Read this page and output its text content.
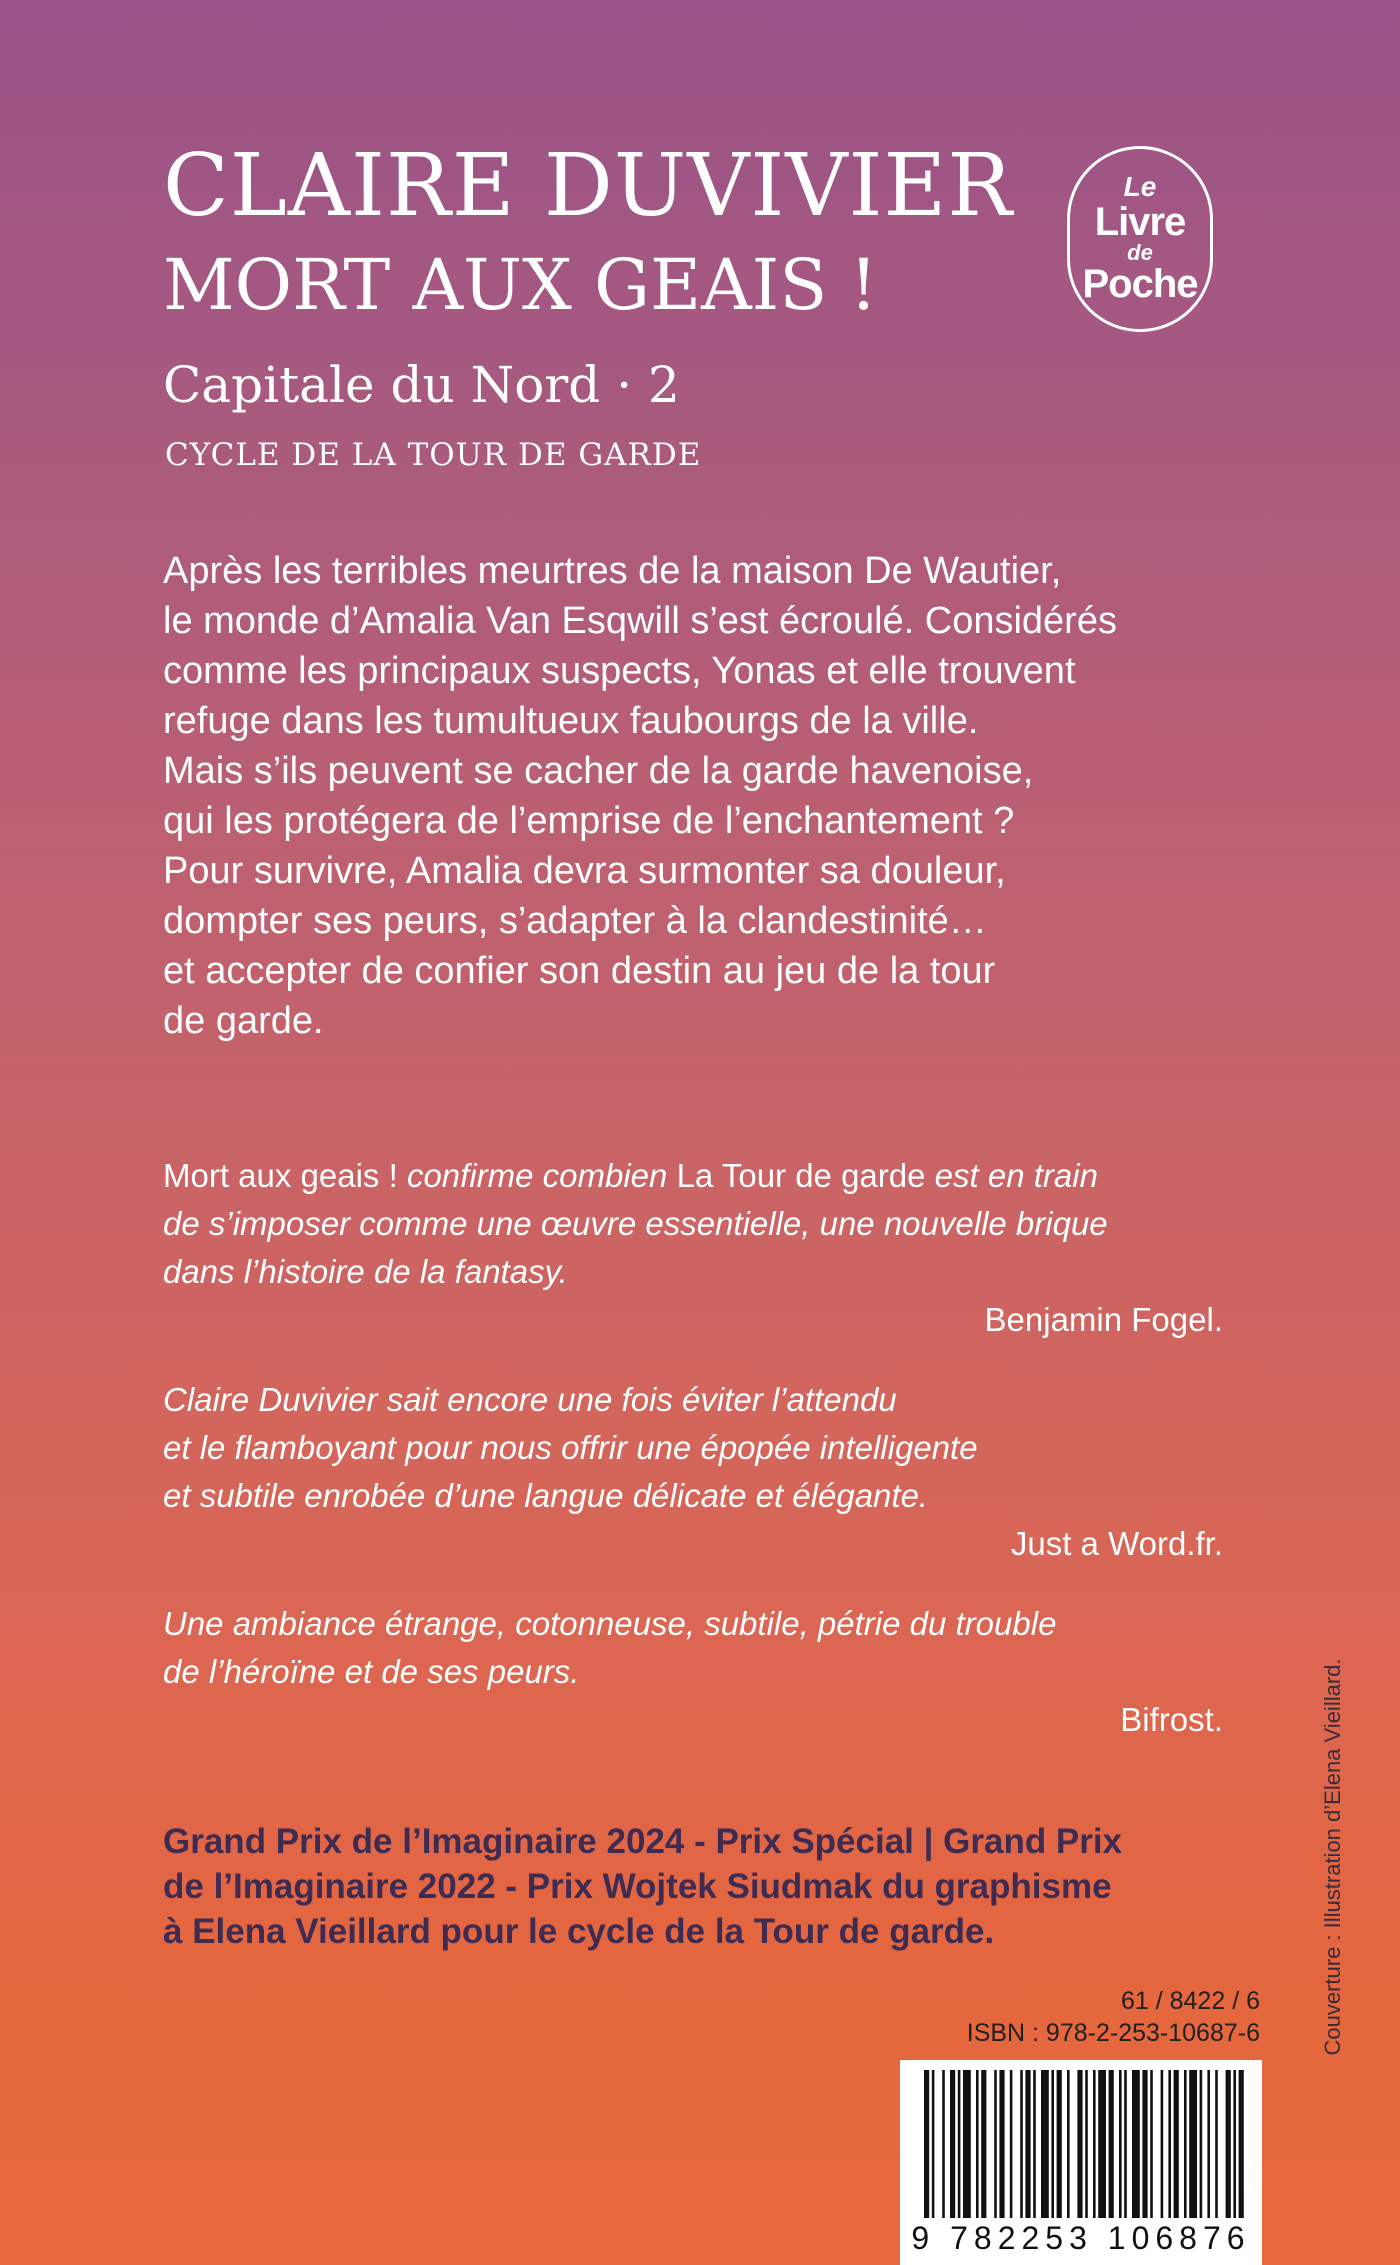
CLAIRE DUVIVIER
MORT AUX GEAIS !
Capitale du Nord · 2
CYCLE DE LA TOUR DE GARDE
Le
Livre
de
Poche

Après les terribles meurtres de la maison De Wautier,

le monde d’Amalia Van Esqwill s’est écroulé. Considérés

comme les principaux suspects, Yonas et elle trouvent

refuge dans les tumultueux faubourgs de la ville.

Mais s’ils peuvent se cacher de la garde havenoise,

qui les protégera de l’emprise de l’enchantement ?

Pour survivre, Amalia devra surmonter sa douleur,

dompter ses peurs, s’adapter à la clandestinité…

et accepter de confier son destin au jeu de la tour

de garde.

Mort aux geais ! confirme combien La Tour de garde est en train

de s’imposer comme une œuvre essentielle, une nouvelle brique

dans l’histoire de la fantasy.

Benjamin Fogel.

Claire Duvivier sait encore une fois éviter l’attendu

et le flamboyant pour nous offrir une épopée intelligente

et subtile enrobée d’une langue délicate et élégante.

Just a Word.fr.

Une ambiance étrange, cotonneuse, subtile, pétrie du trouble

de l’héroïne et de ses peurs.

Bifrost.

Grand Prix de l’Imaginaire 2024 - Prix Spécial | Grand Prix

de l’Imaginaire 2022 - Prix Wojtek Siudmak du graphisme

à Elena Vieillard pour le cycle de la Tour de garde.

61 / 8422 / 6
ISBN : 978-2-253-10687-6
9 782253 106876
Couverture : Illustration d’Elena Vieillard.
